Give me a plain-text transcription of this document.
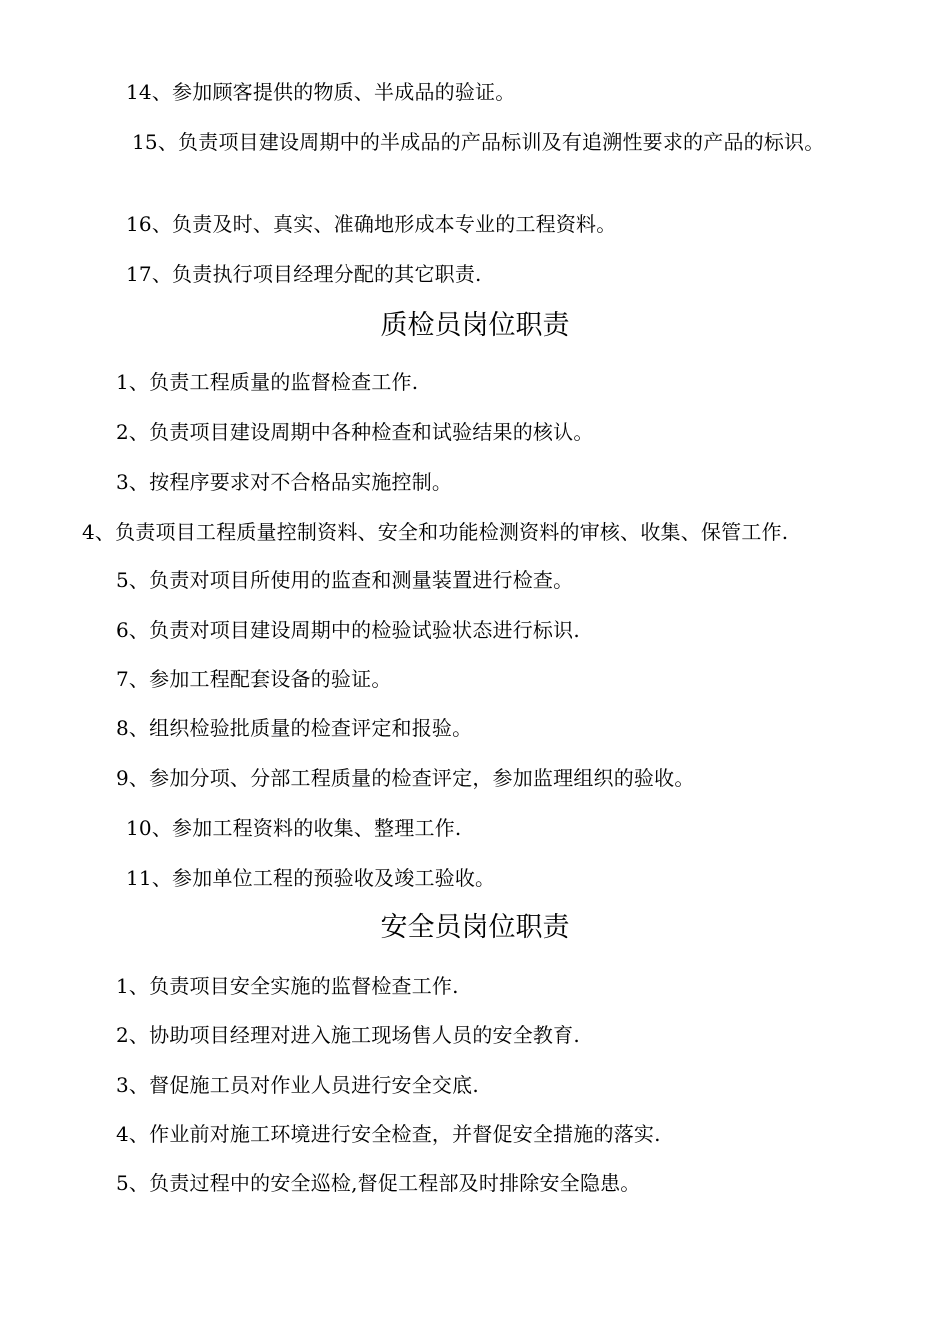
14、参加顾客提供的物质、半成品的验证。
15、负责项目建设周期中的半成品的产品标训及有追溯性要求的产品的标识。
16、负责及时、真实、准确地形成本专业的工程资料。
17、负责执行项目经理分配的其它职责.
质检员岗位职责
1、负责工程质量的监督检查工作.
2、负责项目建设周期中各种检查和试验结果的核认。
3、按程序要求对不合格品实施控制。
4、负责项目工程质量控制资料、安全和功能检测资料的审核、收集、保管工作.
5、负责对项目所使用的监查和测量装置进行检查。
6、负责对项目建设周期中的检验试验状态进行标识.
7、参加工程配套设备的验证。
8、组织检验批质量的检查评定和报验。
9、参加分项、分部工程质量的检查评定，参加监理组织的验收。
10、参加工程资料的收集、整理工作.
11、参加单位工程的预验收及竣工验收。
安全员岗位职责
1、负责项目安全实施的监督检查工作.
2、协助项目经理对进入施工现场售人员的安全教育.
3、督促施工员对作业人员进行安全交底.
4、作业前对施工环境进行安全检查，并督促安全措施的落实.
5、负责过程中的安全巡检,督促工程部及时排除安全隐患。
